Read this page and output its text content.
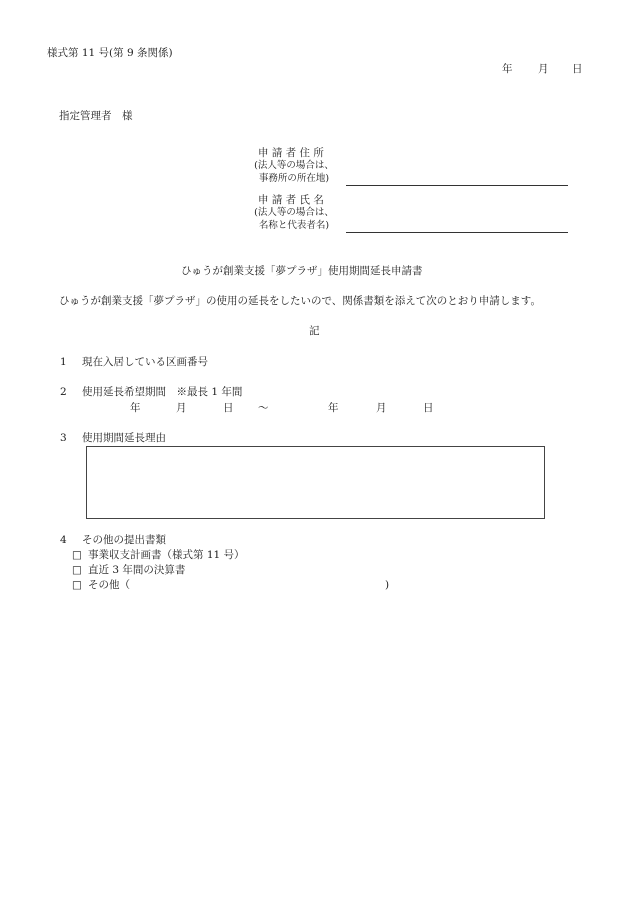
様式第 11 号(第 9 条関係)
年 月 日
指定管理者　様
申 請 者 住 所
(法人等の場合は、
事務所の所在地)
申 請 者 氏 名
(法人等の場合は、
名称と代表者名)
ひゅうが創業支援「夢プラザ」使用期間延長申請書
ひゅうが創業支援「夢プラザ」の使用の延長をしたいので、関係書類を添えて次のとおり申請します。
記
1 現在入居している区画番号
2 使用延長希望期間　※最長 1 年間
年	月	日 〜	年	月	日
3 使用期間延長理由
4 その他の提出書類
□ 事業収支計画書（様式第 11 号）
□ 直近 3 年間の決算書
□ その他（	)
